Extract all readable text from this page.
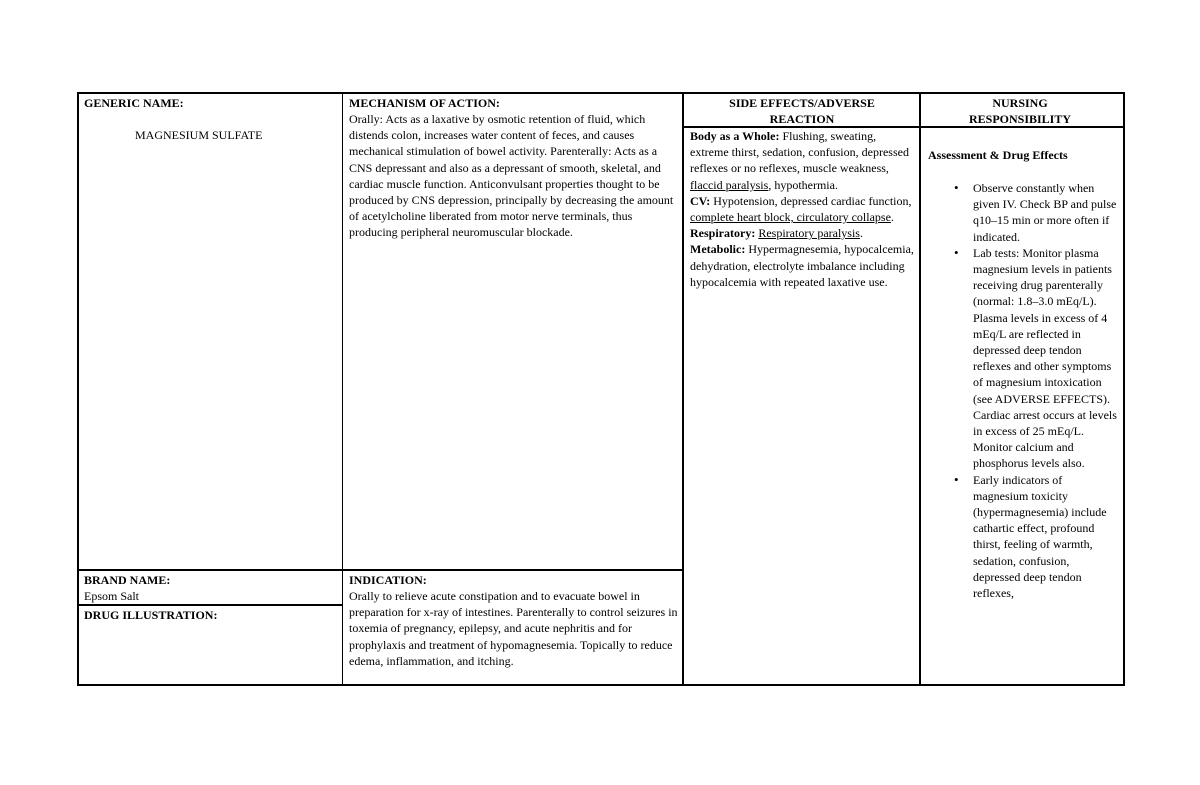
GENERIC NAME:
MAGNESIUM SULFATE
MECHANISM OF ACTION:
Orally: Acts as a laxative by osmotic retention of fluid, which distends colon, increases water content of feces, and causes mechanical stimulation of bowel activity. Parenterally: Acts as a CNS depressant and also as a depressant of smooth, skeletal, and cardiac muscle function. Anticonvulsant properties thought to be produced by CNS depression, principally by decreasing the amount of acetylcholine liberated from motor nerve terminals, thus producing peripheral neuromuscular blockade.
SIDE EFFECTS/ADVERSE REACTION
Body as a Whole: Flushing, sweating, extreme thirst, sedation, confusion, depressed reflexes or no reflexes, muscle weakness, flaccid paralysis, hypothermia.
CV: Hypotension, depressed cardiac function, complete heart block, circulatory collapse.
Respiratory: Respiratory paralysis.
Metabolic: Hypermagnesemia, hypocalcemia, dehydration, electrolyte imbalance including hypocalcemia with repeated laxative use.
NURSING RESPONSIBILITY
Assessment & Drug Effects
• Observe constantly when given IV. Check BP and pulse q10–15 min or more often if indicated.
• Lab tests: Monitor plasma magnesium levels in patients receiving drug parenterally (normal: 1.8–3.0 mEq/L). Plasma levels in excess of 4 mEq/L are reflected in depressed deep tendon reflexes and other symptoms of magnesium intoxication (see ADVERSE EFFECTS). Cardiac arrest occurs at levels in excess of 25 mEq/L. Monitor calcium and phosphorus levels also.
• Early indicators of magnesium toxicity (hypermagnesemia) include cathartic effect, profound thirst, feeling of warmth, sedation, confusion, depressed deep tendon reflexes,
BRAND NAME:
Epsom Salt
DRUG ILLUSTRATION:
INDICATION:
Orally to relieve acute constipation and to evacuate bowel in preparation for x-ray of intestines. Parenterally to control seizures in toxemia of pregnancy, epilepsy, and acute nephritis and for prophylaxis and treatment of hypomagnesemia. Topically to reduce edema, inflammation, and itching.
